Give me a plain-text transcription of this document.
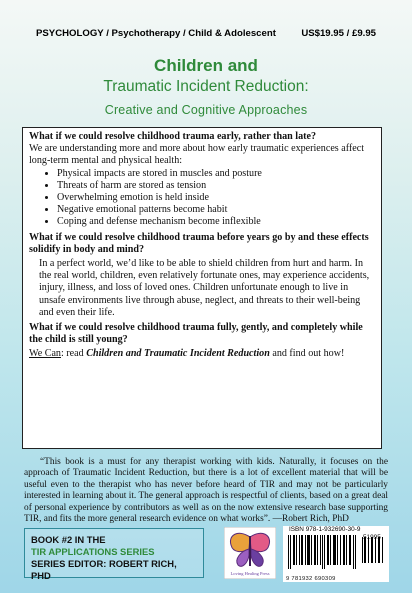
PSYCHOLOGY / Psychotherapy / Child & Adolescent	US$19.95 / £9.95
Children and
Traumatic Incident Reduction:
Creative and Cognitive Approaches

What if we could resolve childhood trauma early, rather than late?

We are understanding more and more about how early traumatic experiences affect long-term mental and physical health:

• Physical impacts are stored in muscles and posture
• Threats of harm are stored as tension
• Overwhelming emotion is held inside
• Negative emotional patterns become habit
• Coping and defense mechanism become inflexible

What if we could resolve childhood trauma before years go by and these effects solidify in body and mind?

In a perfect world, we’d like to be able to shield children from hurt and harm. In the real world, children, even relatively fortunate ones, may experience accidents, injury, illness, and loss of loved ones. Children unfortunate enough to live in unsafe environments live through abuse, neglect, and threats to their well-being and even their life.

What if we could resolve childhood trauma fully, gently, and completely while the child is still young?

We Can: read Children and Traumatic Incident Reduction and find out how!

“This book is a must for any therapist working with kids. Naturally, it focuses on the approach of Traumatic Incident Reduction, but there is a lot of excellent material that will be useful even to the therapist who has never before heard of TIR and may not be particularly interested in learning about it. The general approach is respectful of clients, based on a great deal of personal experience by contributors as well as on the now extensive research base supporting TIR, and fits the more general research evidence on what works”. —Robert Rich, PhD
BOOK #2 IN THE
TIR APPLICATIONS SERIES
SERIES EDITOR: ROBERT RICH, PHD	Loving Healing Press
ISBN 978-1-932690-30-9
9 781932 690309
